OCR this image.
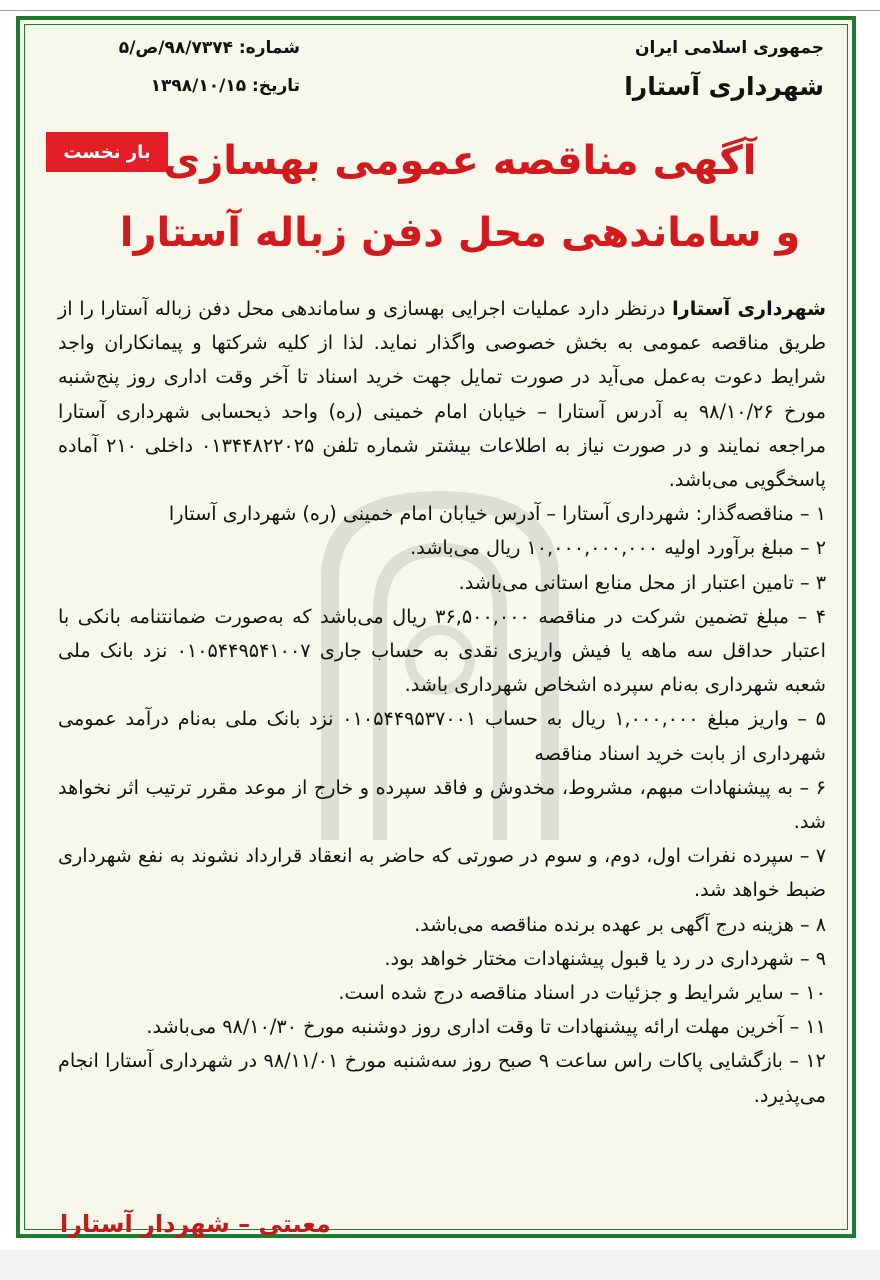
جمهوری اسلامی ایران
شهرداری آستارا
شماره: ۹۸/۷۳۷۴/ص/۵
تاریخ: ۱۳۹۸/۱۰/۱۵
بار نخست آگهی مناقصه عمومی بهسازی
و ساماندهی محل دفن زباله آستارا

شهرداری آستارا درنظر دارد عملیات اجرایی بهسازی و ساماندهی محل دفن زباله آستارا را از طریق مناقصه عمومی به بخش خصوصی واگذار نماید. لذا از کلیه شرکتها و پیمانکاران واجد شرایط دعوت به‌عمل می‌آید در صورت تمایل جهت خرید اسناد تا آخر وقت اداری روز پنج‌شنبه مورخ ۹۸/۱۰/۲۶ به آدرس آستارا – خیابان امام خمینی (ره) واحد ذیحسابی شهرداری آستارا مراجعه نمایند و در صورت نیاز به اطلاعات بیشتر شماره تلفن ۰۱۳۴۴۸۲۲۰۲۵ داخلی ۲۱۰ آماده پاسخگویی می‌باشد.

۱ – مناقصه‌گذار: شهرداری آستارا – آدرس خیابان امام خمینی (ره) شهرداری آستارا

۲ – مبلغ برآورد اولیه ۱۰,۰۰۰,۰۰۰,۰۰۰ ریال می‌باشد.

۳ – تامین اعتبار از محل منابع استانی می‌باشد.

۴ – مبلغ تضمین شرکت در مناقصه ۳۶,۵۰۰,۰۰۰ ریال می‌باشد که به‌صورت ضمانتنامه بانکی با اعتبار حداقل سه ماهه یا فیش واریزی نقدی به حساب جاری ۰۱۰۵۴۴۹۵۴۱۰۰۷ نزد بانک ملی شعبه شهرداری به‌نام سپرده اشخاص شهرداری باشد.

۵ – واریز مبلغ ۱,۰۰۰,۰۰۰ ریال به حساب ۰۱۰۵۴۴۹۵۳۷۰۰۱ نزد بانک ملی به‌نام درآمد عمومی شهرداری از بابت خرید اسناد مناقصه

۶ – به پیشنهادات مبهم، مشروط، مخدوش و فاقد سپرده و خارج از موعد مقرر ترتیب اثر نخواهد شد.

۷ – سپرده نفرات اول، دوم، و سوم در صورتی که حاضر به انعقاد قرارداد نشوند به نفع شهرداری ضبط خواهد شد.

۸ – هزینه درج آگهی بر عهده برنده مناقصه می‌باشد.

۹ – شهرداری در رد یا قبول پیشنهادات مختار خواهد بود.

۱۰ – سایر شرایط و جزئیات در اسناد مناقصه درج شده است.

۱۱ – آخرین مهلت ارائه پیشنهادات تا وقت اداری روز دوشنبه مورخ ۹۸/۱۰/۳۰ می‌باشد.

۱۲ – بازگشایی پاکات راس ساعت ۹ صبح روز سه‌شنبه مورخ ۹۸/۱۱/۰۱ در شهرداری آستارا انجام می‌پذیرد.

معیتی – شهردار آستارا
